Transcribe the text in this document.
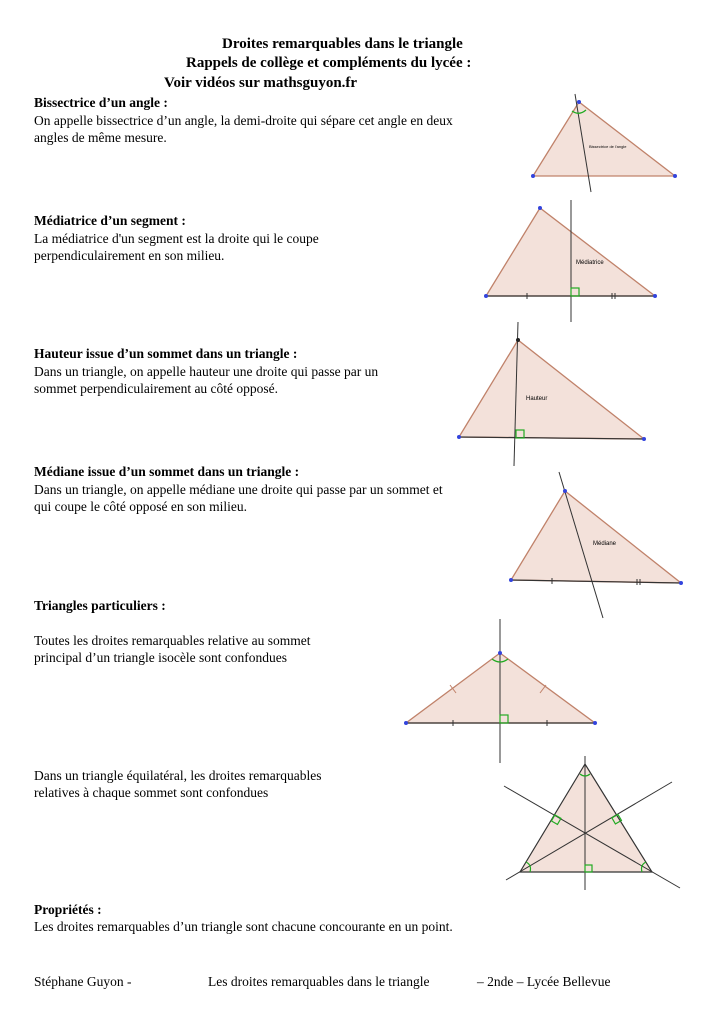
Droites remarquables dans le triangle
Rappels de collège et compléments du lycée :
Voir vidéos sur mathsguyon.fr
Bissectrice d’un angle :
On appelle bissectrice d’un angle, la demi-droite qui sépare cet angle en deux
angles de même mesure.
Bissectrice de l'angle
Médiatrice d’un segment :
La médiatrice d'un segment est la droite qui le coupe
perpendiculairement en son milieu.	Médiatrice
Hauteur issue d’un sommet dans un triangle :
Dans un triangle, on appelle hauteur une droite qui passe par un
sommet perpendiculairement au côté opposé.
Hauteur
Médiane issue d’un sommet dans un triangle :
Dans un triangle, on appelle médiane une droite qui passe par un sommet et
qui coupe le côté opposé en son milieu.
Médiane
Triangles particuliers :
Toutes les droites remarquables relative au sommet
principal d’un triangle isocèle sont confondues
Dans un triangle équilatéral, les droites remarquables
relatives à chaque sommet sont confondues
Propriétés :
Les droites remarquables d’un triangle sont chacune concourante en un point.
Stéphane Guyon -	Les droites remarquables dans le triangle	– 2nde – Lycée Bellevue
